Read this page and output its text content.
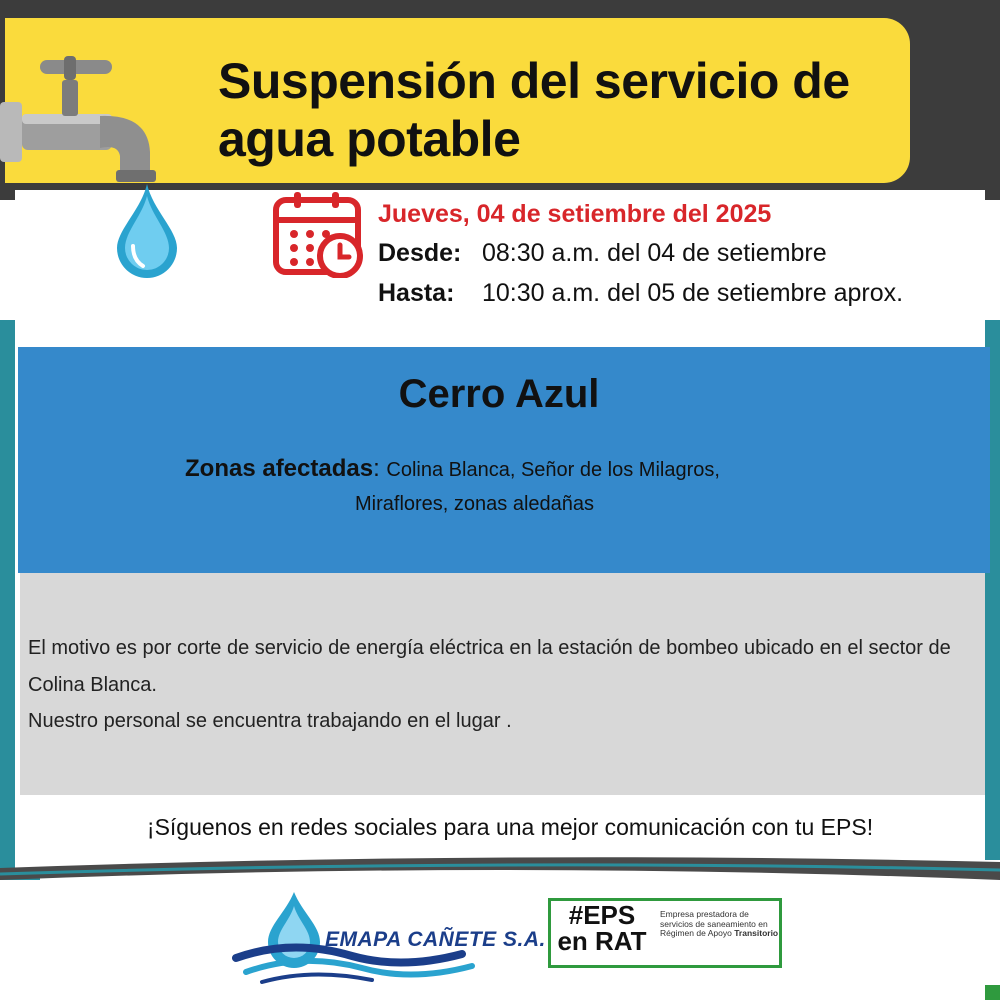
Suspensión del servicio de agua potable
Jueves, 04 de setiembre del 2025
Desde: 08:30 a.m. del 04 de setiembre
Hasta: 10:30 a.m. del 05 de setiembre aprox.
Cerro Azul
Zonas afectadas: Colina Blanca, Señor de los Milagros,
Miraflores, zonas aledañas

El motivo es por corte de servicio de energía eléctrica en la estación de bombeo ubicado en el sector de Colina Blanca.

Nuestro personal se encuentra trabajando en el lugar .

¡Síguenos en redes sociales para una mejor comunicación con tu EPS!
EMAPA CAÑETE S.A.
#EPS en RAT
Empresa prestadora de servicios de saneamiento en Régimen de Apoyo Transitorio
